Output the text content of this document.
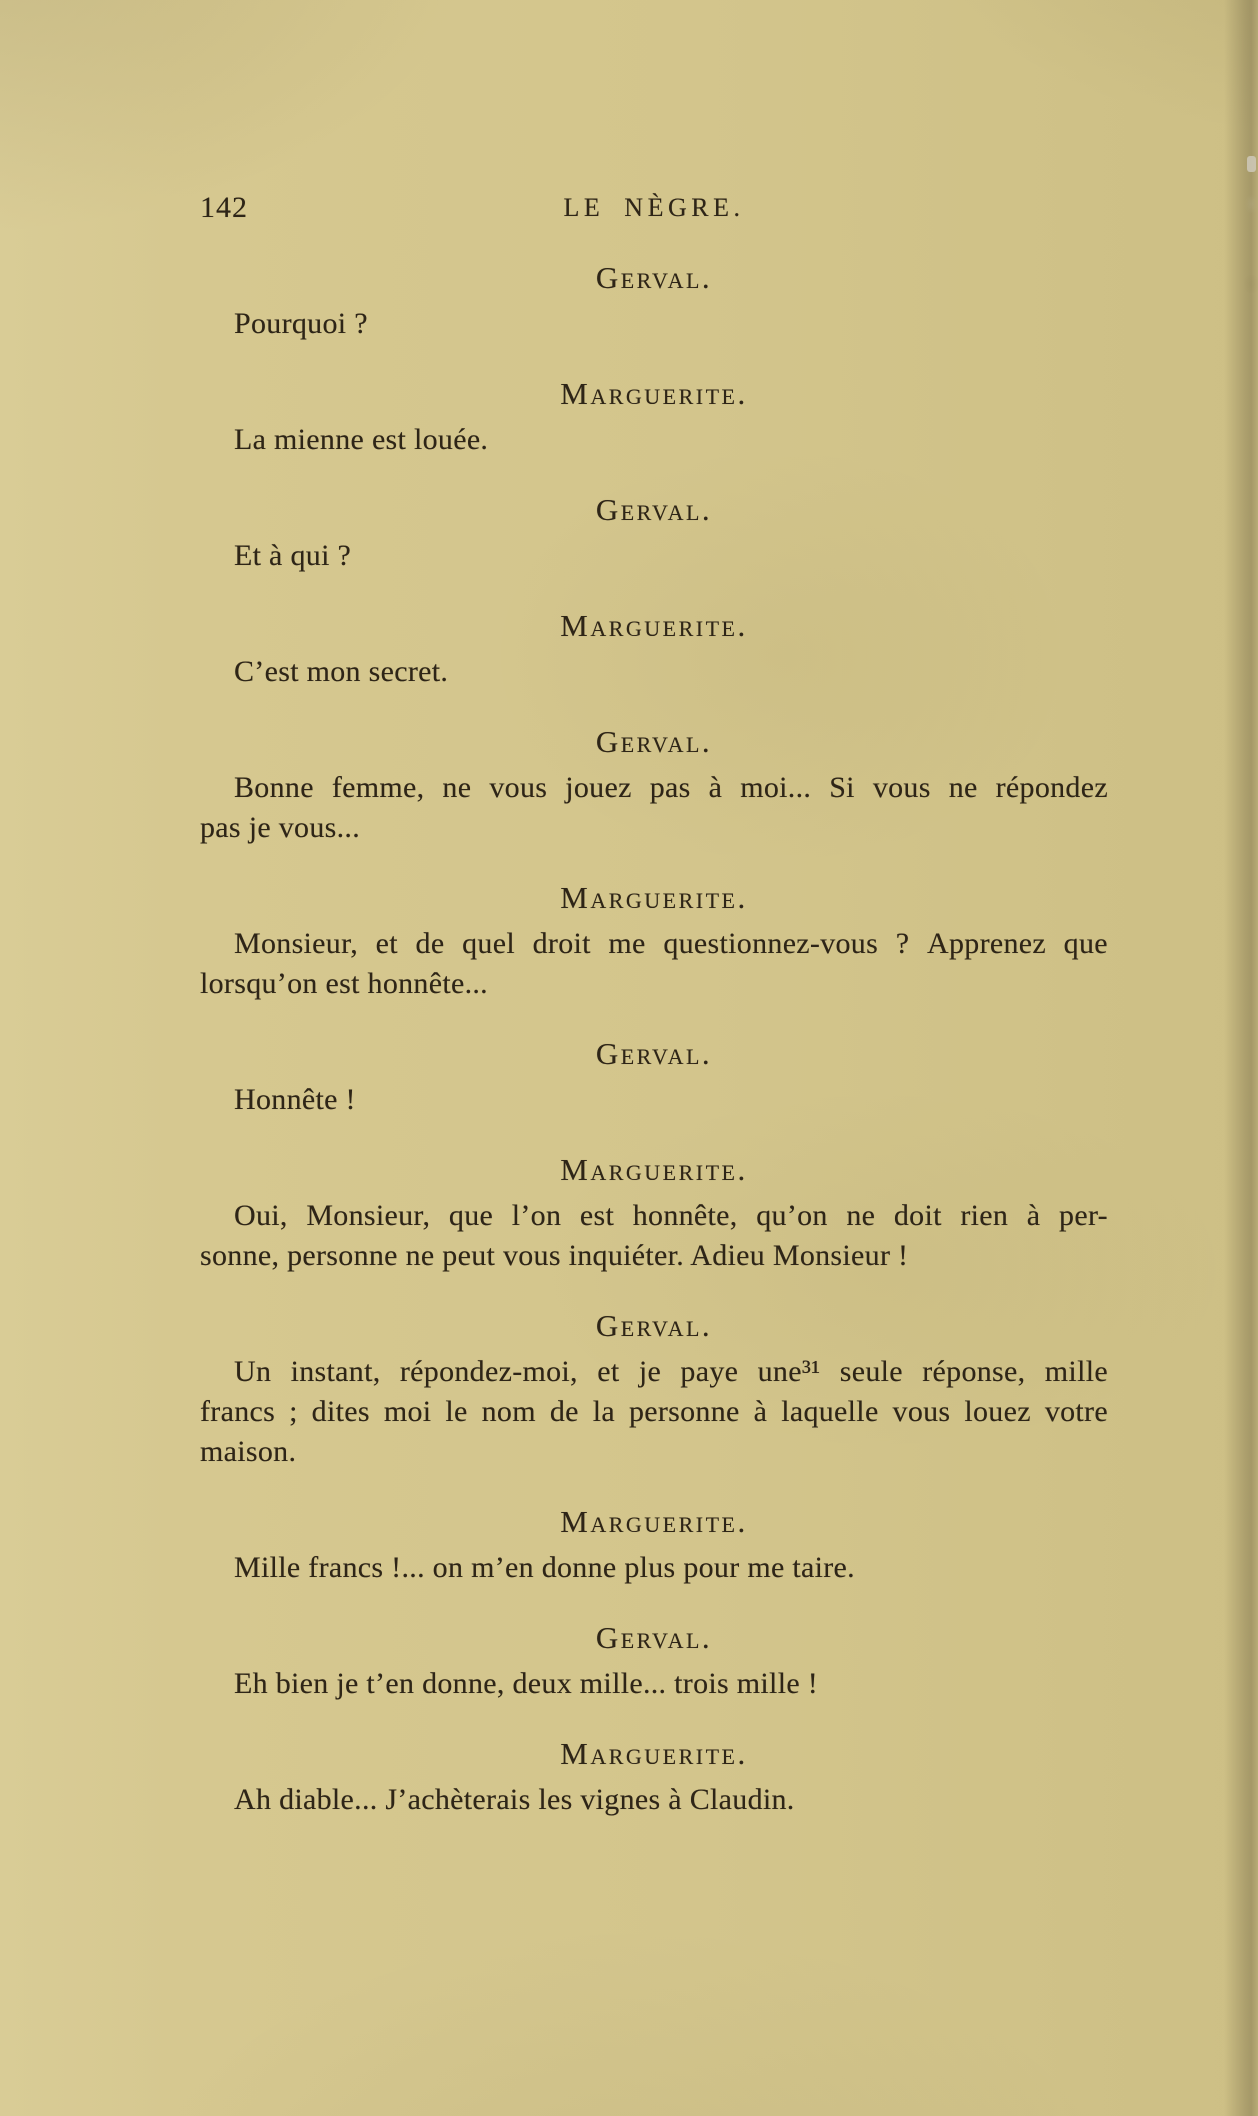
142	LE NÈGRE.
Gerval.
Pourquoi ?
Marguerite.
La mienne est louée.
Gerval.
Et à qui ?
Marguerite.
C’est mon secret.
Gerval.
Bonne femme, ne vous jouez pas à moi... Si vous ne répondez
pas je vous...
Marguerite.
Monsieur, et de quel droit me questionnez-vous ? Apprenez que
lorsqu’on est honnête...
Gerval.
Honnête !
Marguerite.
Oui, Monsieur, que l’on est honnête, qu’on ne doit rien à per-
sonne, personne ne peut vous inquiéter. Adieu Monsieur !
Gerval.
Un instant, répondez-moi, et je paye une³¹ seule réponse, mille
francs ; dites moi le nom de la personne à laquelle vous louez votre
maison.
Marguerite.
Mille francs !... on m’en donne plus pour me taire.
Gerval.
Eh bien je t’en donne, deux mille... trois mille !
Marguerite.
Ah diable... J’achèterais les vignes à Claudin.
